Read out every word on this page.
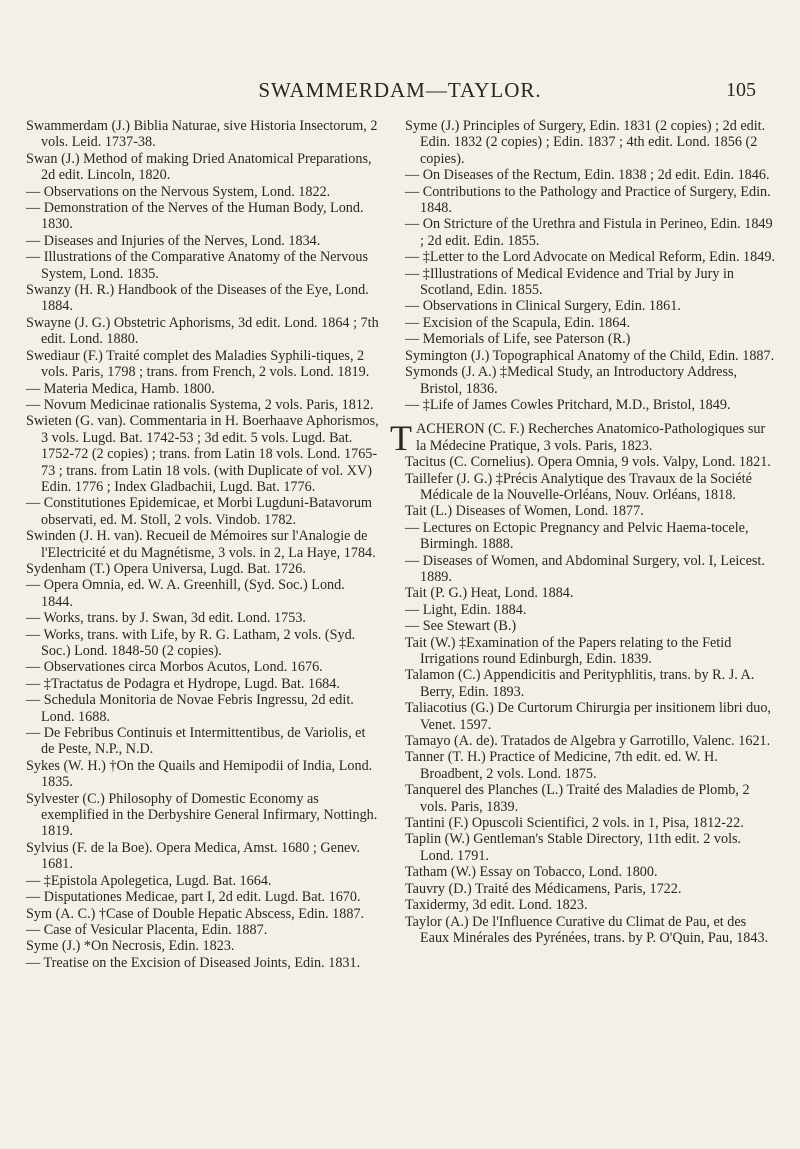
SWAMMERDAM—TAYLOR.	105

Swammerdam (J.) Biblia Naturae, sive Historia Insectorum, 2 vols. Leid. 1737-38.

Swan (J.) Method of making Dried Anatomical Preparations, 2d edit. Lincoln, 1820.

— Observations on the Nervous System, Lond. 1822.

— Demonstration of the Nerves of the Human Body, Lond. 1830.

— Diseases and Injuries of the Nerves, Lond. 1834.

— Illustrations of the Comparative Anatomy of the Nervous System, Lond. 1835.

Swanzy (H. R.) Handbook of the Diseases of the Eye, Lond. 1884.

Swayne (J. G.) Obstetric Aphorisms, 3d edit. Lond. 1864 ; 7th edit. Lond. 1880.

Swediaur (F.) Traité complet des Maladies Syphili-tiques, 2 vols. Paris, 1798 ; trans. from French, 2 vols. Lond. 1819.

— Materia Medica, Hamb. 1800.

— Novum Medicinae rationalis Systema, 2 vols. Paris, 1812.

Swieten (G. van). Commentaria in H. Boerhaave Aphorismos, 3 vols. Lugd. Bat. 1742-53 ; 3d edit. 5 vols. Lugd. Bat. 1752-72 (2 copies) ; trans. from Latin 18 vols. Lond. 1765-73 ; trans. from Latin 18 vols. (with Duplicate of vol. XV) Edin. 1776 ; Index Gladbachii, Lugd. Bat. 1776.

— Constitutiones Epidemicae, et Morbi Lugduni-Batavorum observati, ed. M. Stoll, 2 vols. Vindob. 1782.

Swinden (J. H. van). Recueil de Mémoires sur l'Analogie de l'Electricité et du Magnétisme, 3 vols. in 2, La Haye, 1784.

Sydenham (T.) Opera Universa, Lugd. Bat. 1726.

— Opera Omnia, ed. W. A. Greenhill, (Syd. Soc.) Lond. 1844.

— Works, trans. by J. Swan, 3d edit. Lond. 1753.

— Works, trans. with Life, by R. G. Latham, 2 vols. (Syd. Soc.) Lond. 1848-50 (2 copies).

— Observationes circa Morbos Acutos, Lond. 1676.

— ‡Tractatus de Podagra et Hydrope, Lugd. Bat. 1684.

— Schedula Monitoria de Novae Febris Ingressu, 2d edit. Lond. 1688.

— De Febribus Continuis et Intermittentibus, de Variolis, et de Peste, N.P., N.D.

Sykes (W. H.) †On the Quails and Hemipodii of India, Lond. 1835.

Sylvester (C.) Philosophy of Domestic Economy as exemplified in the Derbyshire General Infirmary, Nottingh. 1819.

Sylvius (F. de la Boe). Opera Medica, Amst. 1680 ; Genev. 1681.

— ‡Epistola Apolegetica, Lugd. Bat. 1664.

— Disputationes Medicae, part I, 2d edit. Lugd. Bat. 1670.

Sym (A. C.) †Case of Double Hepatic Abscess, Edin. 1887.

— Case of Vesicular Placenta, Edin. 1887.

Syme (J.) *On Necrosis, Edin. 1823.

— Treatise on the Excision of Diseased Joints, Edin. 1831.

Syme (J.) Principles of Surgery, Edin. 1831 (2 copies) ; 2d edit. Edin. 1832 (2 copies) ; Edin. 1837 ; 4th edit. Lond. 1856 (2 copies).

— On Diseases of the Rectum, Edin. 1838 ; 2d edit. Edin. 1846.

— Contributions to the Pathology and Practice of Surgery, Edin. 1848.

— On Stricture of the Urethra and Fistula in Perineo, Edin. 1849 ; 2d edit. Edin. 1855.

— ‡Letter to the Lord Advocate on Medical Reform, Edin. 1849.

— ‡Illustrations of Medical Evidence and Trial by Jury in Scotland, Edin. 1855.

— Observations in Clinical Surgery, Edin. 1861.

— Excision of the Scapula, Edin. 1864.

— Memorials of Life, see Paterson (R.)

Symington (J.) Topographical Anatomy of the Child, Edin. 1887.

Symonds (J. A.) ‡Medical Study, an Introductory Address, Bristol, 1836.

— ‡Life of James Cowles Pritchard, M.D., Bristol, 1849.

TACHERON (C. F.) Recherches Anatomico-Pathologiques sur la Médecine Pratique, 3 vols. Paris, 1823.

Tacitus (C. Cornelius). Opera Omnia, 9 vols. Valpy, Lond. 1821.

Taillefer (J. G.) ‡Précis Analytique des Travaux de la Société Médicale de la Nouvelle-Orléans, Nouv. Orléans, 1818.

Tait (L.) Diseases of Women, Lond. 1877.

— Lectures on Ectopic Pregnancy and Pelvic Haema-tocele, Birmingh. 1888.

— Diseases of Women, and Abdominal Surgery, vol. I, Leicest. 1889.

Tait (P. G.) Heat, Lond. 1884.

— Light, Edin. 1884.

— See Stewart (B.)

Tait (W.) ‡Examination of the Papers relating to the Fetid Irrigations round Edinburgh, Edin. 1839.

Talamon (C.) Appendicitis and Perityphlitis, trans. by R. J. A. Berry, Edin. 1893.

Taliacotius (G.) De Curtorum Chirurgia per insitionem libri duo, Venet. 1597.

Tamayo (A. de). Tratados de Algebra y Garrotillo, Valenc. 1621.

Tanner (T. H.) Practice of Medicine, 7th edit. ed. W. H. Broadbent, 2 vols. Lond. 1875.

Tanquerel des Planches (L.) Traité des Maladies de Plomb, 2 vols. Paris, 1839.

Tantini (F.) Opuscoli Scientifici, 2 vols. in 1, Pisa, 1812-22.

Taplin (W.) Gentleman's Stable Directory, 11th edit. 2 vols. Lond. 1791.

Tatham (W.) Essay on Tobacco, Lond. 1800.

Tauvry (D.) Traité des Médicamens, Paris, 1722.

Taxidermy, 3d edit. Lond. 1823.

Taylor (A.) De l'Influence Curative du Climat de Pau, et des Eaux Minérales des Pyrénées, trans. by P. O'Quin, Pau, 1843.
